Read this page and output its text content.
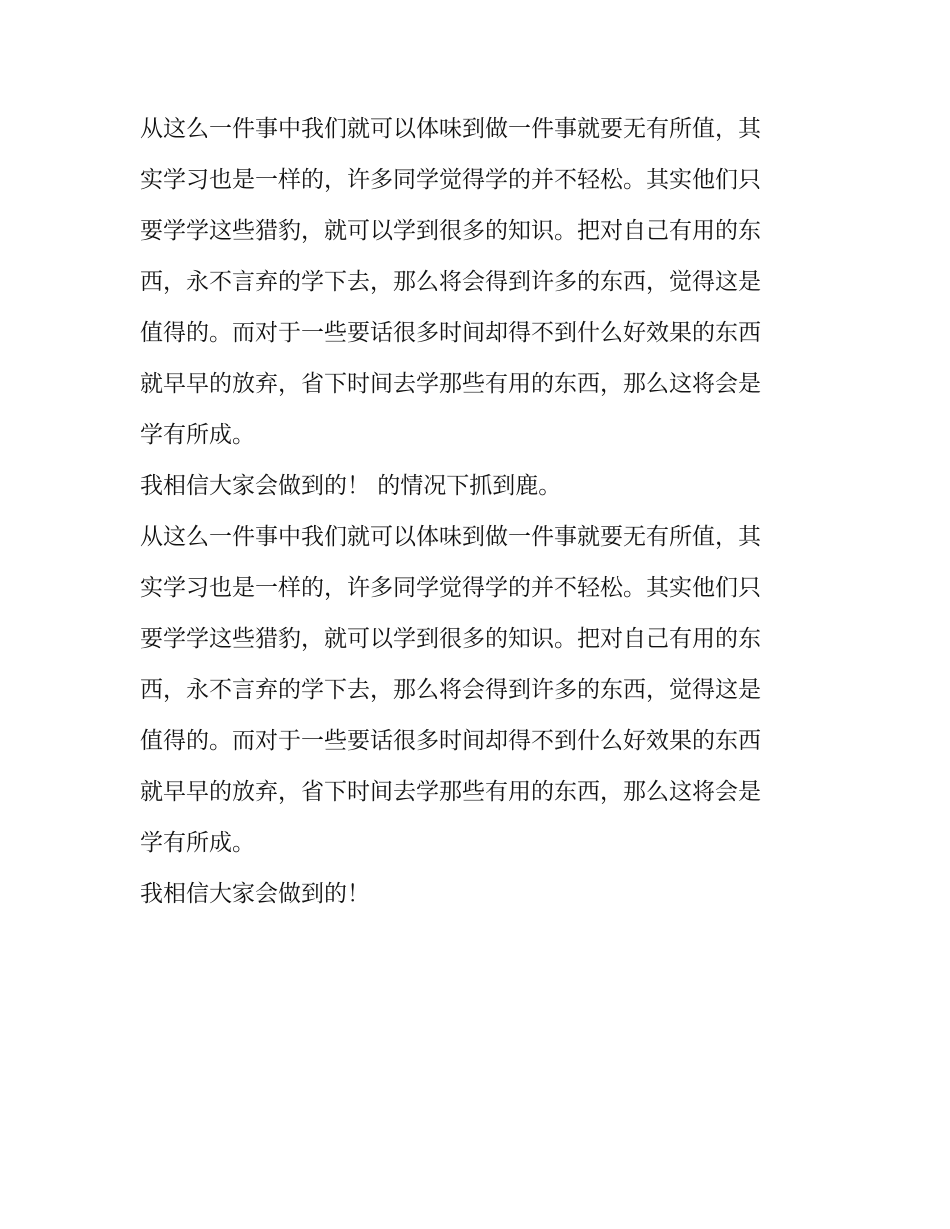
从这么一件事中我们就可以体味到做一件事就要无有所值，其
实学习也是一样的，许多同学觉得学的并不轻松。其实他们只
要学学这些猎豹，就可以学到很多的知识。把对自己有用的东
西，永不言弃的学下去，那么将会得到许多的东西，觉得这是
值得的。而对于一些要话很多时间却得不到什么好效果的东西
就早早的放弃，省下时间去学那些有用的东西，那么这将会是
学有所成。
我相信大家会做到的！ 的情况下抓到鹿。
从这么一件事中我们就可以体味到做一件事就要无有所值，其
实学习也是一样的，许多同学觉得学的并不轻松。其实他们只
要学学这些猎豹，就可以学到很多的知识。把对自己有用的东
西，永不言弃的学下去，那么将会得到许多的东西，觉得这是
值得的。而对于一些要话很多时间却得不到什么好效果的东西
就早早的放弃，省下时间去学那些有用的东西，那么这将会是
学有所成。
我相信大家会做到的！
